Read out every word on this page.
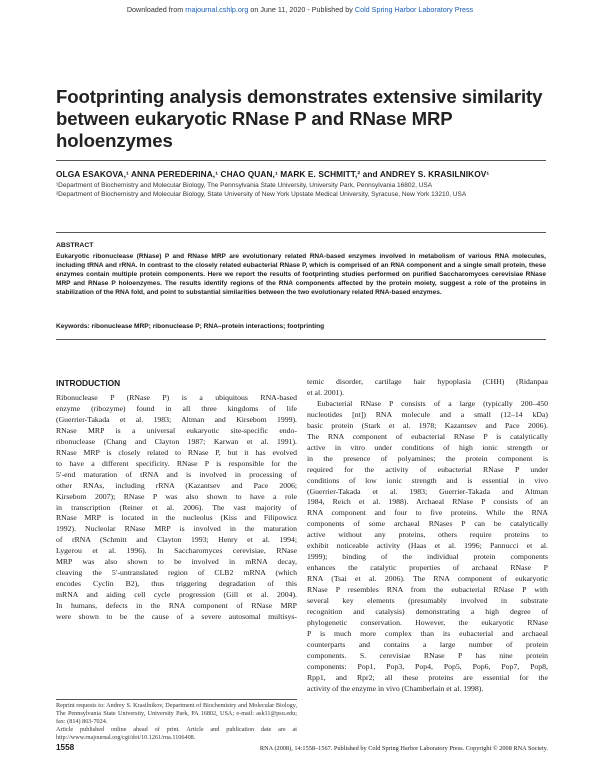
Downloaded from rnajournal.cshlp.org on June 11, 2020 - Published by Cold Spring Harbor Laboratory Press
Footprinting analysis demonstrates extensive similarity between eukaryotic RNase P and RNase MRP holoenzymes
OLGA ESAKOVA,¹ ANNA PEREDERINA,¹ CHAO QUAN,¹ MARK E. SCHMITT,² and ANDREY S. KRASILNIKOV¹
¹Department of Biochemistry and Molecular Biology, The Pennsylvania State University, University Park, Pennsylvania 16802, USA
²Department of Biochemistry and Molecular Biology, State University of New York Upstate Medical University, Syracuse, New York 13210, USA
ABSTRACT
Eukaryotic ribonuclease (RNase) P and RNase MRP are evolutionary related RNA-based enzymes involved in metabolism of various RNA molecules, including tRNA and rRNA. In contrast to the closely related eubacterial RNase P, which is comprised of an RNA component and a single small protein, these enzymes contain multiple protein components. Here we report the results of footprinting studies performed on purified Saccharomyces cerevisiae RNase MRP and RNase P holoenzymes. The results identify regions of the RNA components affected by the protein moiety, suggest a role of the proteins in stabilization of the RNA fold, and point to substantial similarities between the two evolutionary related RNA-based enzymes.
Keywords: ribonuclease MRP; ribonuclease P; RNA–protein interactions; footprinting
INTRODUCTION
Ribonuclease P (RNase P) is a ubiquitous RNA-based
enzyme (ribozyme) found in all three kingdoms of life
(Guerrier-Takada et al. 1983; Altman and Kirsebom 1999).
RNase MRP is a universal eukaryotic site-specific endo-
ribonuclease (Chang and Clayton 1987; Karwan et al. 1991).
RNase MRP is closely related to RNase P, but it has evolved
to have a different specificity. RNase P is responsible for the
5′-end maturation of tRNA and is involved in processing of
other RNAs, including rRNA (Kazantsev and Pace 2006;
Kirsebom 2007); RNase P was also shown to have a role
in transcription (Reiner et al. 2006). The vast majority of
RNase MRP is located in the nucleolus (Kiss and Filipowicz
1992). Nucleolar RNase MRP is involved in the maturation
of rRNA (Schmitt and Clayton 1993; Henry et al. 1994;
Lygerou et al. 1996). In Saccharomyces cerevisiae, RNase
MRP was also shown to be involved in mRNA decay,
cleaving the 5′-untranslated region of CLB2 mRNA (which
encodes Cyclin B2), thus triggering degradation of this
mRNA and aiding cell cycle progression (Gill et al. 2004).
In humans, defects in the RNA component of RNase MRP
were shown to be the cause of a severe autosomal multisys-
temic disorder, cartilage hair hypoplasia (CHH) (Ridanpaa
et al. 2001).
Eubacterial RNase P consists of a large (typically 200–450
nucleotides [nt]) RNA molecule and a small (12–14 kDa)
basic protein (Stark et al. 1978; Kazantsev and Pace 2006).
The RNA component of eubacterial RNase P is catalytically
active in vitro under conditions of high ionic strength or
in the presence of polyamines; the protein component is
required for the activity of eubacterial RNase P under
conditions of low ionic strength and is essential in vivo
(Guerrier-Takada et al. 1983; Guerrier-Takada and Altman
1984, Reich et al. 1988). Archaeal RNase P consists of an
RNA component and four to five proteins. While the RNA
components of some archaeal RNases P can be catalytically
active without any proteins, others require proteins to
exhibit noticeable activity (Haas et al. 1996; Pannucci et al.
1999); binding of the individual protein components
enhances the catalytic properties of archaeal RNase P
RNA (Tsai et al. 2006). The RNA component of eukaryotic
RNase P resembles RNA from the eubacterial RNase P with
several key elements (presumably involved in substrate
recognition and catalysis) demonstrating a high degree of
phylogenetic conservation. However, the eukaryotic RNase
P is much more complex than its eubacterial and archaeal
counterparts and contains a large number of protein
components. S. cerevisiae RNase P has nine protein
components: Pop1, Pop3, Pop4, Pop5, Pop6, Pop7, Pop8,
Rpp1, and Rpr2; all these proteins are essential for the
activity of the enzyme in vivo (Chamberlain et al. 1998).
Reprint requests to: Andrey S. Krasilnikov, Department of Biochemistry and Molecular Biology, The Pennsylvania State University, University Park, PA 16802, USA; e-mail: ask11@psu.edu; fax: (814) 863-7024.
Article published online ahead of print. Article and publication date are at http://www.rnajournal.org/cgi/doi/10.1261/rna.1106408.
1558	RNA (2008), 14:1558–1567. Published by Cold Spring Harbor Laboratory Press. Copyright © 2008 RNA Society.
